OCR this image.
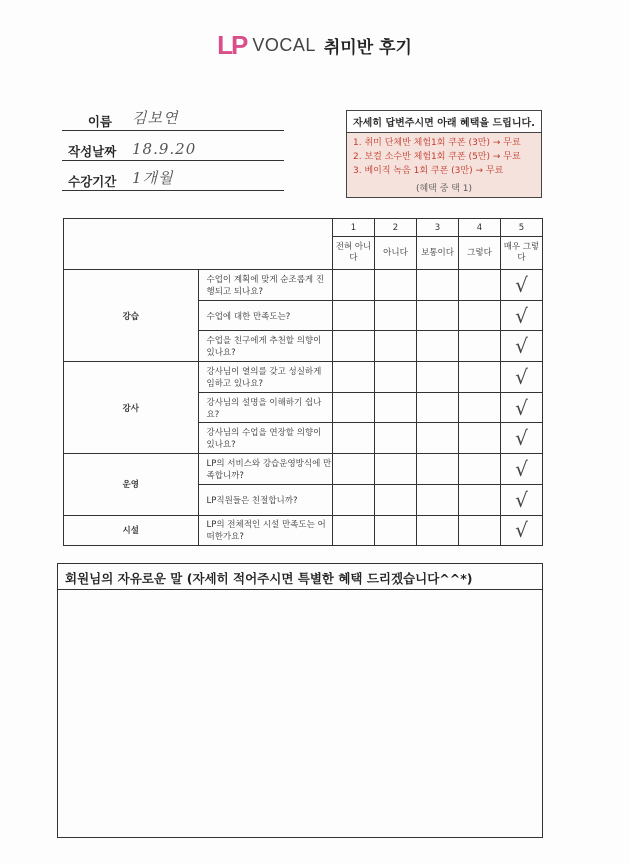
LP VOCAL 취미반 후기
이름	김보연
작성날짜	18.9.20
수강기간	1개월
자세히 답변주시면 아래 혜택을 드립니다.
1. 취미 단체반 체험1회 쿠폰 (3만) → 무료
2. 보컬 소수반 체험1회 쿠폰 (5만) → 무료
3. 베이직 녹음 1회 쿠폰 (3만) → 무료
(혜택 중 택 1)
		1	2	3	4	5
		전혀 아니다	아니다	보통이다	그렇다	매우 그렇다
강습	수업이 계획에 맞게 순조롭게 진행되고 되나요?					√
	수업에 대한 만족도는?					√
	수업을 친구에게 추천할 의향이 있나요?					√
강사	강사님이 열의를 갖고 성실하게 임하고 있나요?					√
	강사님의 설명을 이해하기 쉽나요?					√
	강사님의 수업을 연장할 의향이 있나요?					√
운영	LP의 서비스와 강습운영방식에 만족합니까?					√
	LP직원들은 친절합니까?					√
시설	LP의 전체적인 시설 만족도는 어떠한가요?					√
회원님의 자유로운 말 (자세히 적어주시면 특별한 혜택 드리겠습니다^^*)
